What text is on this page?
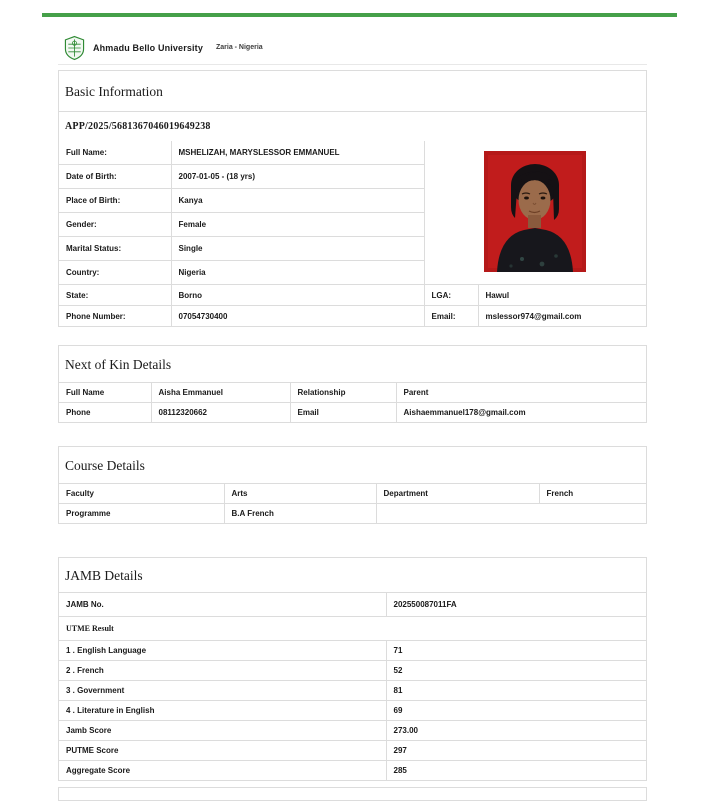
Ahmadu Bello University Zaria - Nigeria
Basic Information
APP/2025/5681367046019649238
Full Name:	MSHELIZAH, MARYSLESSOR EMMANUEL	
Date of Birth:	2007-01-05 - (18 yrs)		
Place of Birth:	Kanya		
Gender:	Female		
Marital Status:	Single		
Country:	Nigeria		
State:	Borno	LGA:	Hawul
Phone Number:	07054730400	Email:	mslessor974@gmail.com
Next of Kin Details
Full Name	Aisha Emmanuel	Relationship	Parent
Phone	08112320662	Email	Aishaemmanuel178@gmail.com
Course Details
Faculty	Arts	Department	French
Programme	B.A French		
JAMB Details
JAMB No.	202550087011FA
UTME Result	
1 . English Language	71
2 . French	52
3 . Government	81
4 . Literature in English	69
Jamb Score	273.00
PUTME Score	297
Aggregate Score	285
